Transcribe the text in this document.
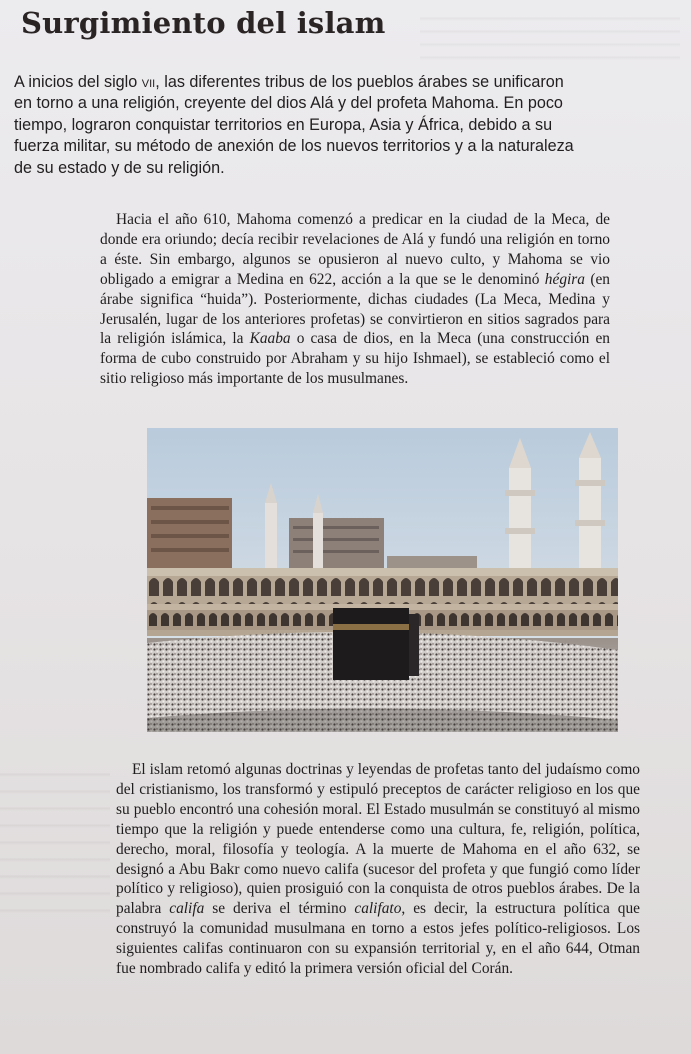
Surgimiento del islam

A inicios del siglo vii, las diferentes tribus de los pueblos árabes se unificaron en torno a una religión, creyente del dios Alá y del profeta Mahoma. En poco tiempo, lograron conquistar territorios en Europa, Asia y África, debido a su fuerza militar, su método de anexión de los nuevos territorios y a la naturaleza de su estado y de su religión.

Hacia el año 610, Mahoma comenzó a predicar en la ciudad de la Meca, de donde era oriundo; decía recibir revelaciones de Alá y fundó una religión en torno a éste. Sin embargo, algunos se opusieron al nuevo culto, y Mahoma se vio obligado a emigrar a Medina en 622, acción a la que se le denominó hégira (en árabe significa “huida”). Posteriormente, dichas ciudades (La Meca, Medina y Jerusalén, lugar de los anteriores profetas) se convirtieron en sitios sagrados para la religión islámica, la Kaaba o casa de dios, en la Meca (una construcción en forma de cubo construido por Abraham y su hijo Ishmael), se estableció como el sitio religioso más importante de los musulmanes.

El islam retomó algunas doctrinas y leyendas de profetas tanto del judaísmo como del cristianismo, los transformó y estipuló preceptos de carácter religioso en los que su pueblo encontró una cohesión moral. El Estado musulmán se constituyó al mismo tiempo que la religión y puede entenderse como una cultura, fe, religión, política, derecho, moral, filosofía y teología. A la muerte de Mahoma en el año 632, se designó a Abu Bakr como nuevo califa (sucesor del profeta y que fungió como líder político y religioso), quien prosiguió con la conquista de otros pueblos árabes. De la palabra califa se deriva el término califato, es decir, la estructura política que construyó la comunidad musulmana en torno a estos jefes político-religiosos. Los siguientes califas continuaron con su expansión territorial y, en el año 644, Otman fue nombrado califa y editó la primera versión oficial del Corán.
